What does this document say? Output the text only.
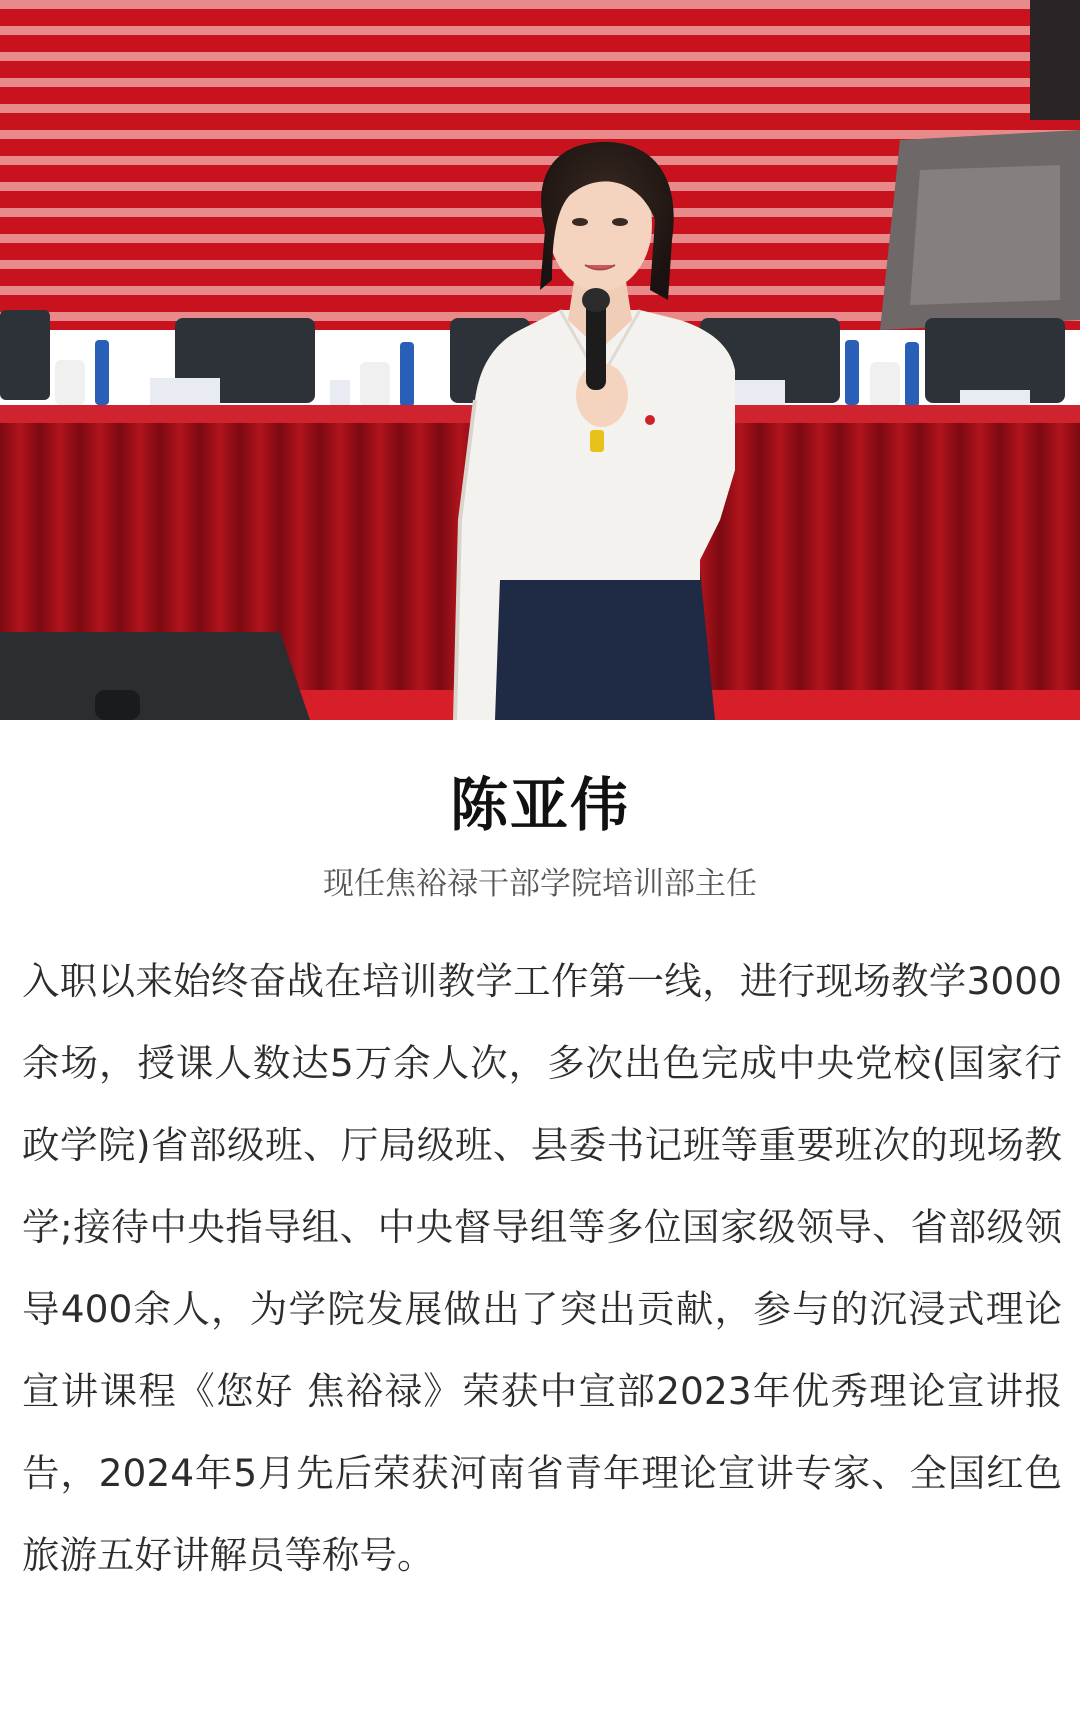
陈亚伟
现任焦裕禄干部学院培训部主任
入职以来始终奋战在培训教学工作第一线，进行现场教学3000余场，授课人数达5万余人次，多次出色完成中央党校(国家行政学院)省部级班、厅局级班、县委书记班等重要班次的现场教学;接待中央指导组、中央督导组等多位国家级领导、省部级领导400余人，为学院发展做出了突出贡献，参与的沉浸式理论宣讲课程《您好 焦裕禄》荣获中宣部2023年优秀理论宣讲报告，2024年5月先后荣获河南省青年理论宣讲专家、全国红色旅游五好讲解员等称号。
